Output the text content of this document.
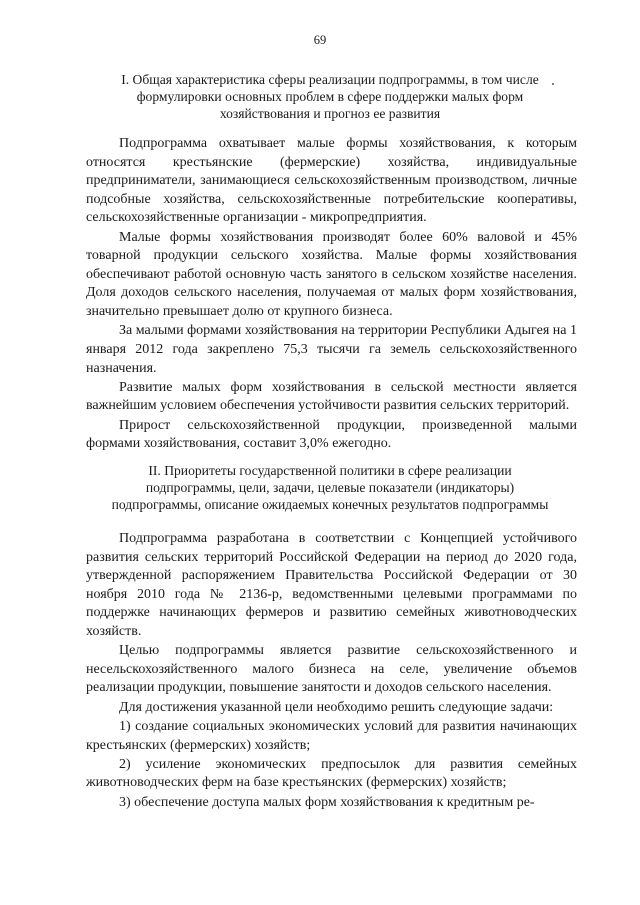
69
I. Общая характеристика сферы реализации подпрограммы, в том числе
формулировки основных проблем в сфере поддержки малых форм
хозяйствования и прогноз ее развития

Подпрограмма охватывает малые формы хозяйствования, к которым относятся крестьянские (фермерские) хозяйства, индивидуальные предприниматели, занимающиеся сельскохозяйственным производством, личные подсобные хозяйства, сельскохозяйственные потребительские кооперативы, сельскохозяйственные организации - микропредприятия.

Малые формы хозяйствования производят более 60% валовой и 45% товарной продукции сельского хозяйства. Малые формы хозяйствования обеспечивают работой основную часть занятого в сельском хозяйстве населения. Доля доходов сельского населения, получаемая от малых форм хозяйствования, значительно превышает долю от крупного бизнеса.

За малыми формами хозяйствования на территории Республики Адыгея на 1 января 2012 года закреплено 75,3 тысячи га земель сельскохозяйственного назначения.

Развитие малых форм хозяйствования в сельской местности является важнейшим условием обеспечения устойчивости развития сельских территорий.

Прирост сельскохозяйственной продукции, произведенной малыми формами хозяйствования, составит 3,0% ежегодно.

II. Приоритеты государственной политики в сфере реализации
подпрограммы, цели, задачи, целевые показатели (индикаторы)
подпрограммы, описание ожидаемых конечных результатов подпрограммы

Подпрограмма разработана в соответствии с Концепцией устойчивого развития сельских территорий Российской Федерации на период до 2020 года, утвержденной распоряжением Правительства Российской Федерации от 30 ноября 2010 года № 2136-р, ведомственными целевыми программами по поддержке начинающих фермеров и развитию семейных животноводческих хозяйств.

Целью подпрограммы является развитие сельскохозяйственного и несельскохозяйственного малого бизнеса на селе, увеличение объемов реализации продукции, повышение занятости и доходов сельского населения.

Для достижения указанной цели необходимо решить следующие задачи:

1) создание социальных экономических условий для развития начинающих крестьянских (фермерских) хозяйств;

2) усиление экономических предпосылок для развития семейных животноводческих ферм на базе крестьянских (фермерских) хозяйств;

3) обеспечение доступа малых форм хозяйствования к кредитным ре-
